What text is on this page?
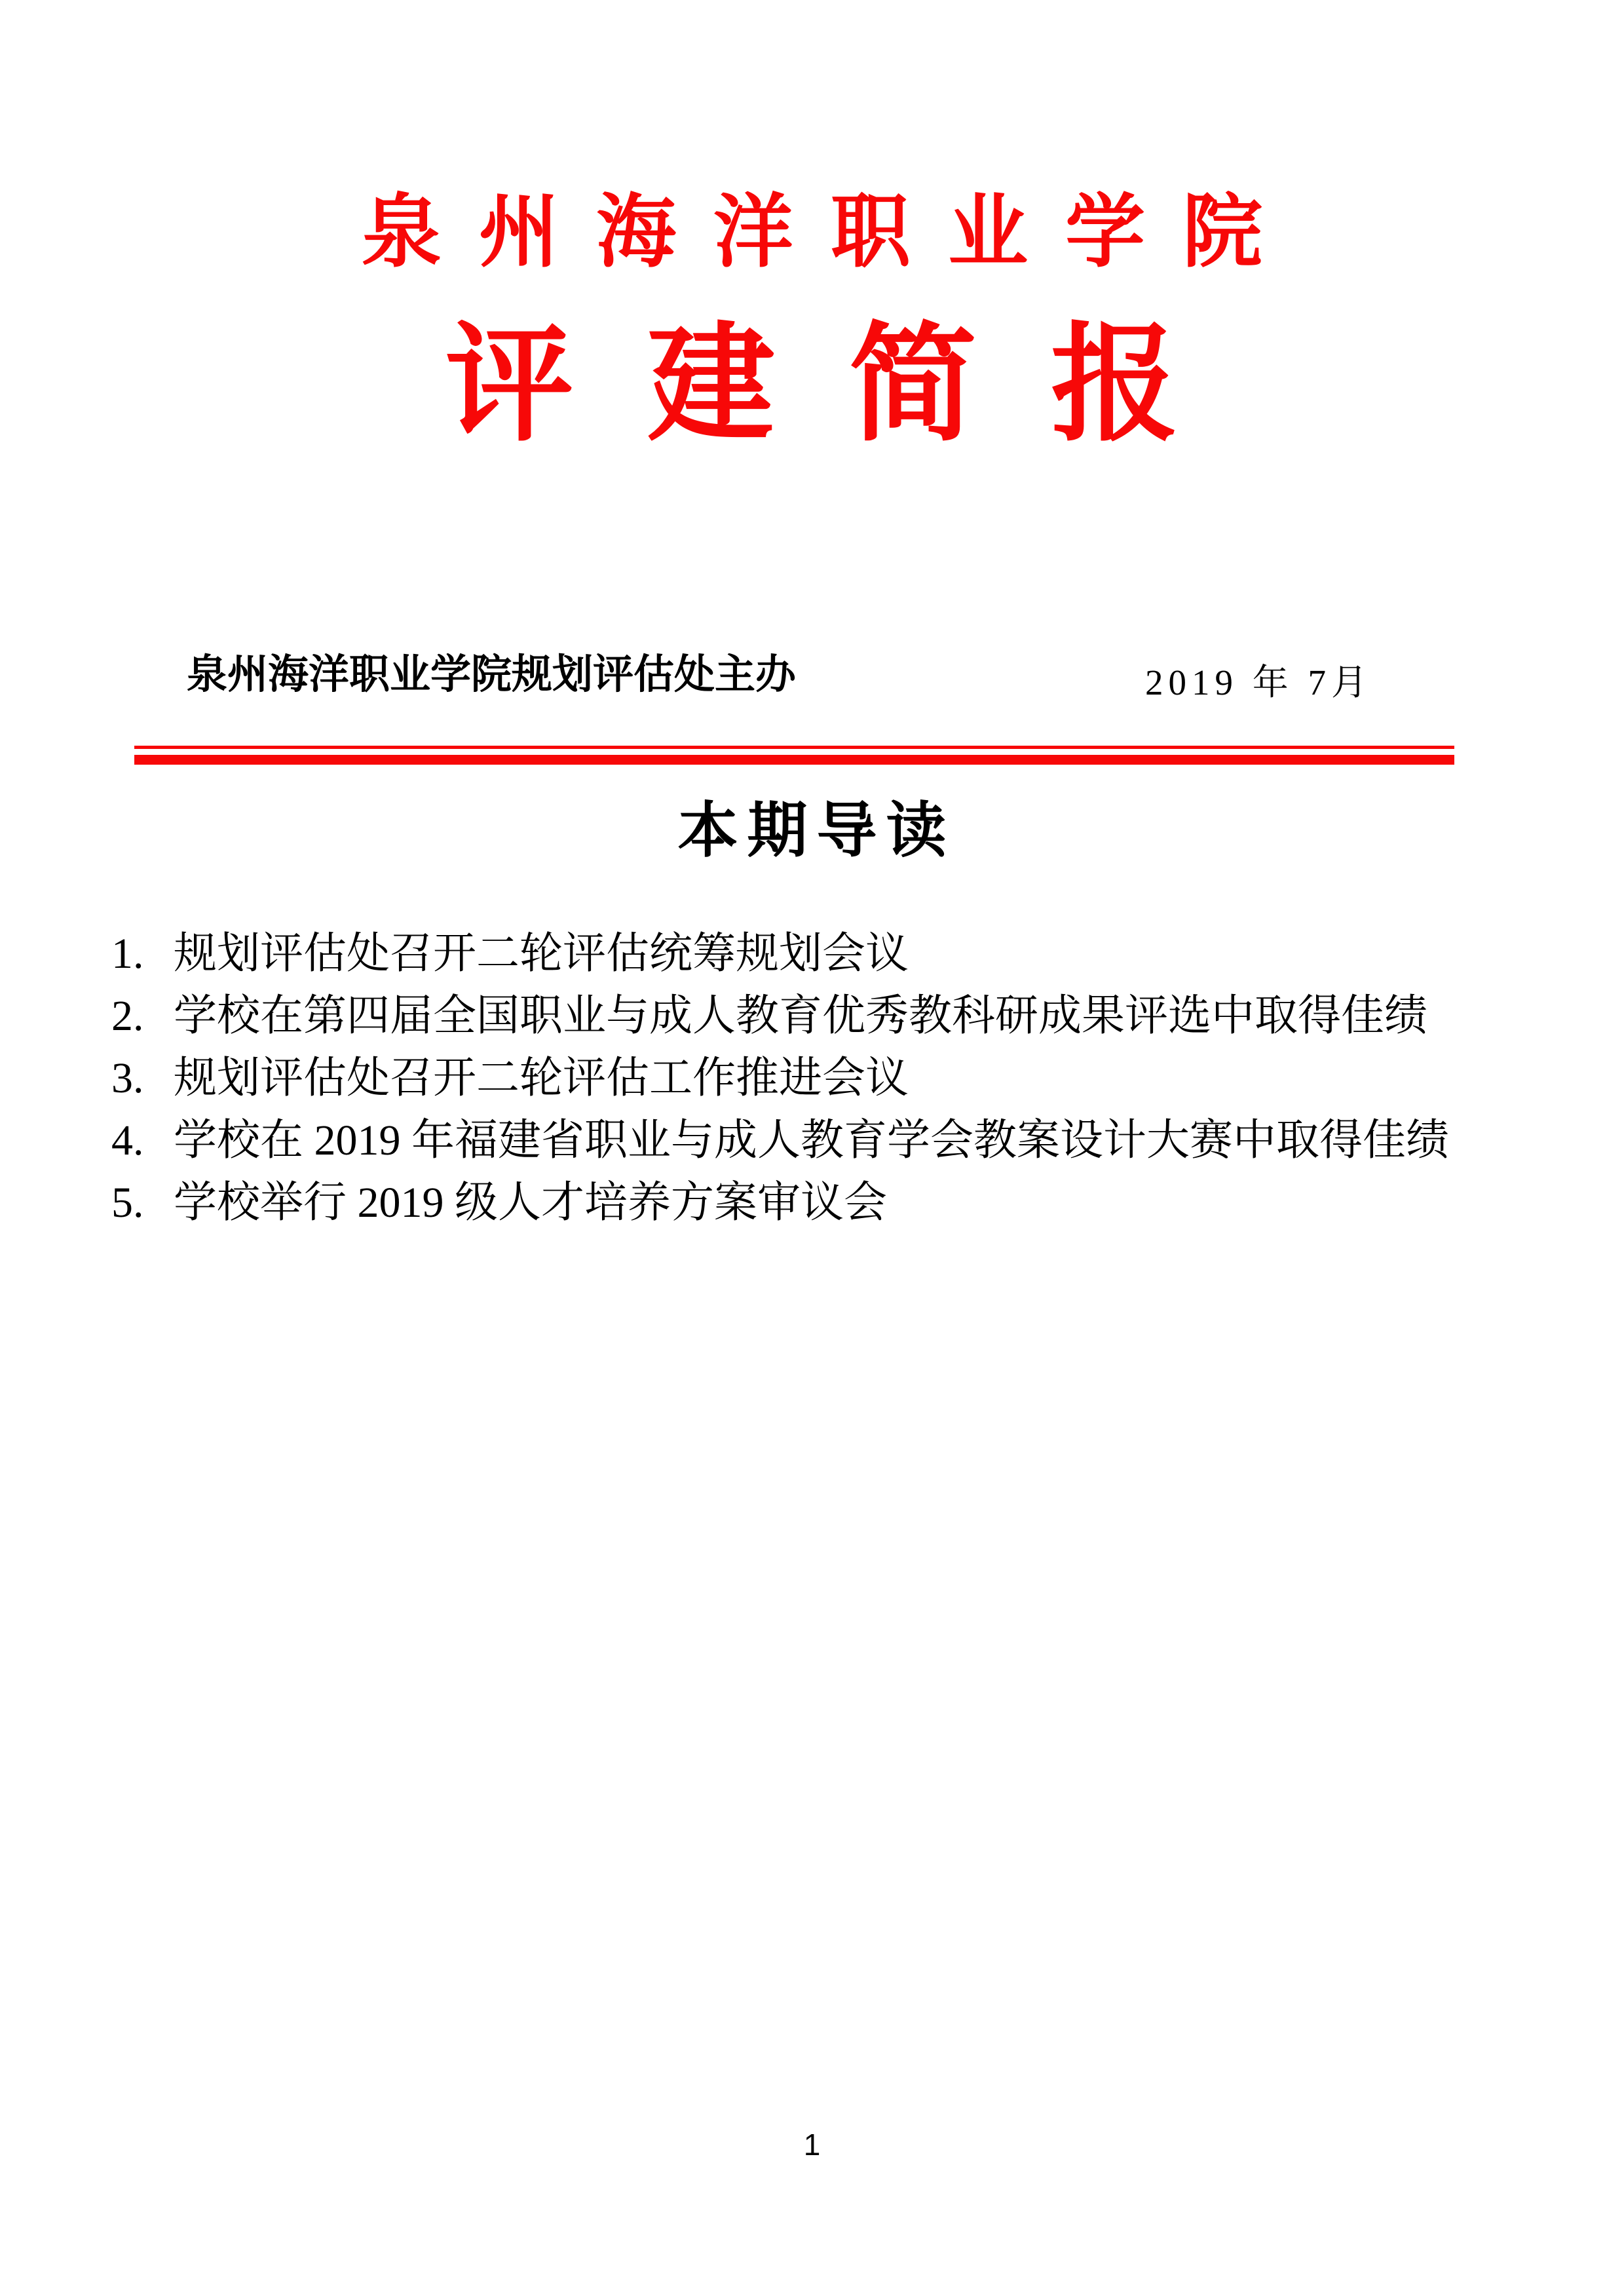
泉州海洋职业学院
评建简报
泉州海洋职业学院规划评估处主办	2019 年 7月
本期导读
1. 规划评估处召开二轮评估统筹规划会议
2. 学校在第四届全国职业与成人教育优秀教科研成果评选中取得佳绩
3. 规划评估处召开二轮评估工作推进会议
4. 学校在 2019 年福建省职业与成人教育学会教案设计大赛中取得佳绩
5. 学校举行 2019 级人才培养方案审议会
1
